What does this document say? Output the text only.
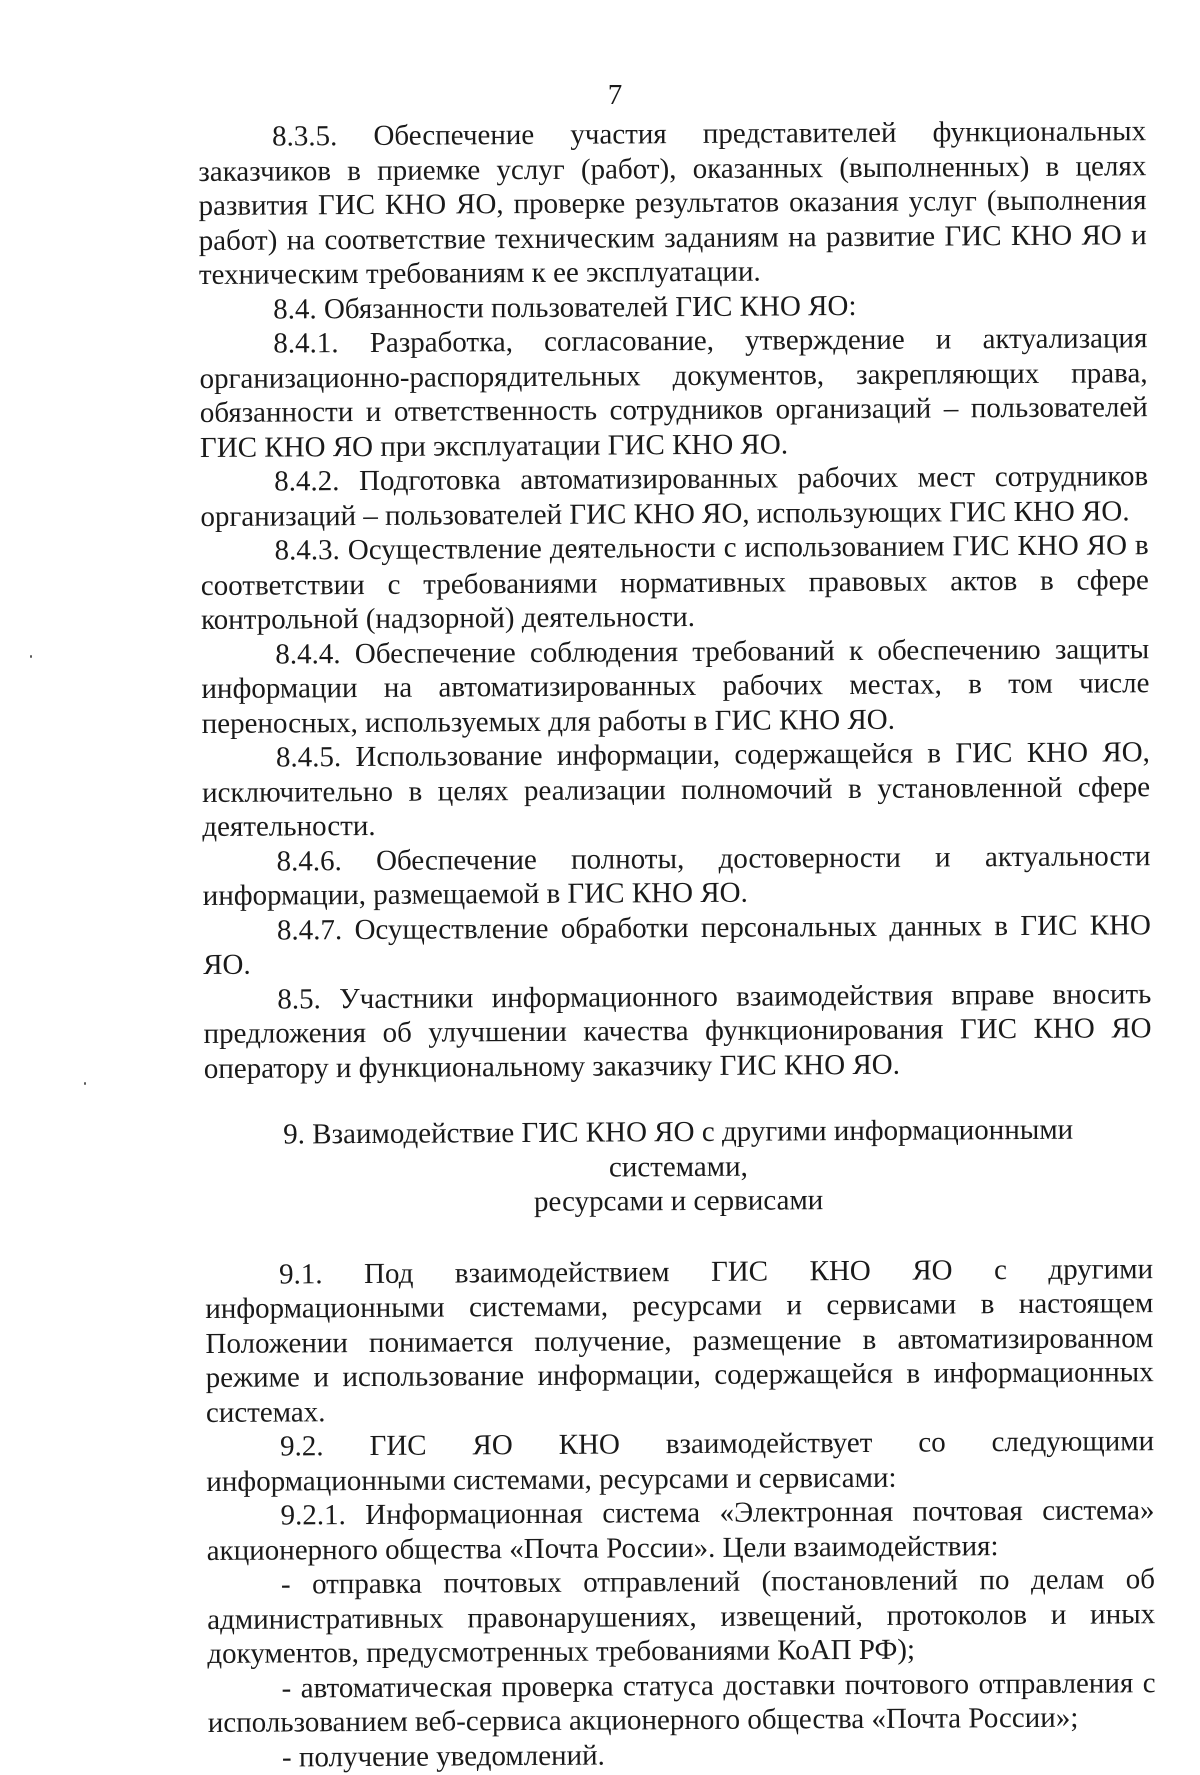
7

8.3.5. Обеспечение участия представителей функциональных заказчиков в приемке услуг (работ), оказанных (выполненных) в целях развития ГИС КНО ЯО, проверке результатов оказания услуг (выполнения работ) на соответствие техническим заданиям на развитие ГИС КНО ЯО и техническим требованиям к ее эксплуатации.

8.4. Обязанности пользователей ГИС КНО ЯО:

8.4.1. Разработка, согласование, утверждение и актуализация организационно-распорядительных документов, закрепляющих права, обязанности и ответственность сотрудников организаций – пользователей ГИС КНО ЯО при эксплуатации ГИС КНО ЯО.

8.4.2. Подготовка автоматизированных рабочих мест сотрудников организаций – пользователей ГИС КНО ЯО, использующих ГИС КНО ЯО.

8.4.3. Осуществление деятельности с использованием ГИС КНО ЯО в соответствии с требованиями нормативных правовых актов в сфере контрольной (надзорной) деятельности.

8.4.4. Обеспечение соблюдения требований к обеспечению защиты информации на автоматизированных рабочих местах, в том числе переносных, используемых для работы в ГИС КНО ЯО.

8.4.5. Использование информации, содержащейся в ГИС КНО ЯО, исключительно в целях реализации полномочий в установленной сфере деятельности.

8.4.6. Обеспечение полноты, достоверности и актуальности информации, размещаемой в ГИС КНО ЯО.

8.4.7. Осуществление обработки персональных данных в ГИС КНО ЯО.

8.5. Участники информационного взаимодействия вправе вносить предложения об улучшении качества функционирования ГИС КНО ЯО оператору и функциональному заказчику ГИС КНО ЯО.

9. Взаимодействие ГИС КНО ЯО с другими информационными системами,
ресурсами и сервисами

9.1. Под взаимодействием ГИС КНО ЯО с другими информационными системами, ресурсами и сервисами в настоящем Положении понимается получение, размещение в автоматизированном режиме и использование информации, содержащейся в информационных системах.

9.2. ГИС ЯО КНО взаимодействует со следующими информационными системами, ресурсами и сервисами:

9.2.1. Информационная система «Электронная почтовая система» акционерного общества «Почта России». Цели взаимодействия:

- отправка почтовых отправлений (постановлений по делам об административных правонарушениях, извещений, протоколов и иных документов, предусмотренных требованиями КоАП РФ);

- автоматическая проверка статуса доставки почтового отправления с использованием веб-сервиса акционерного общества «Почта России»;

- получение уведомлений.
